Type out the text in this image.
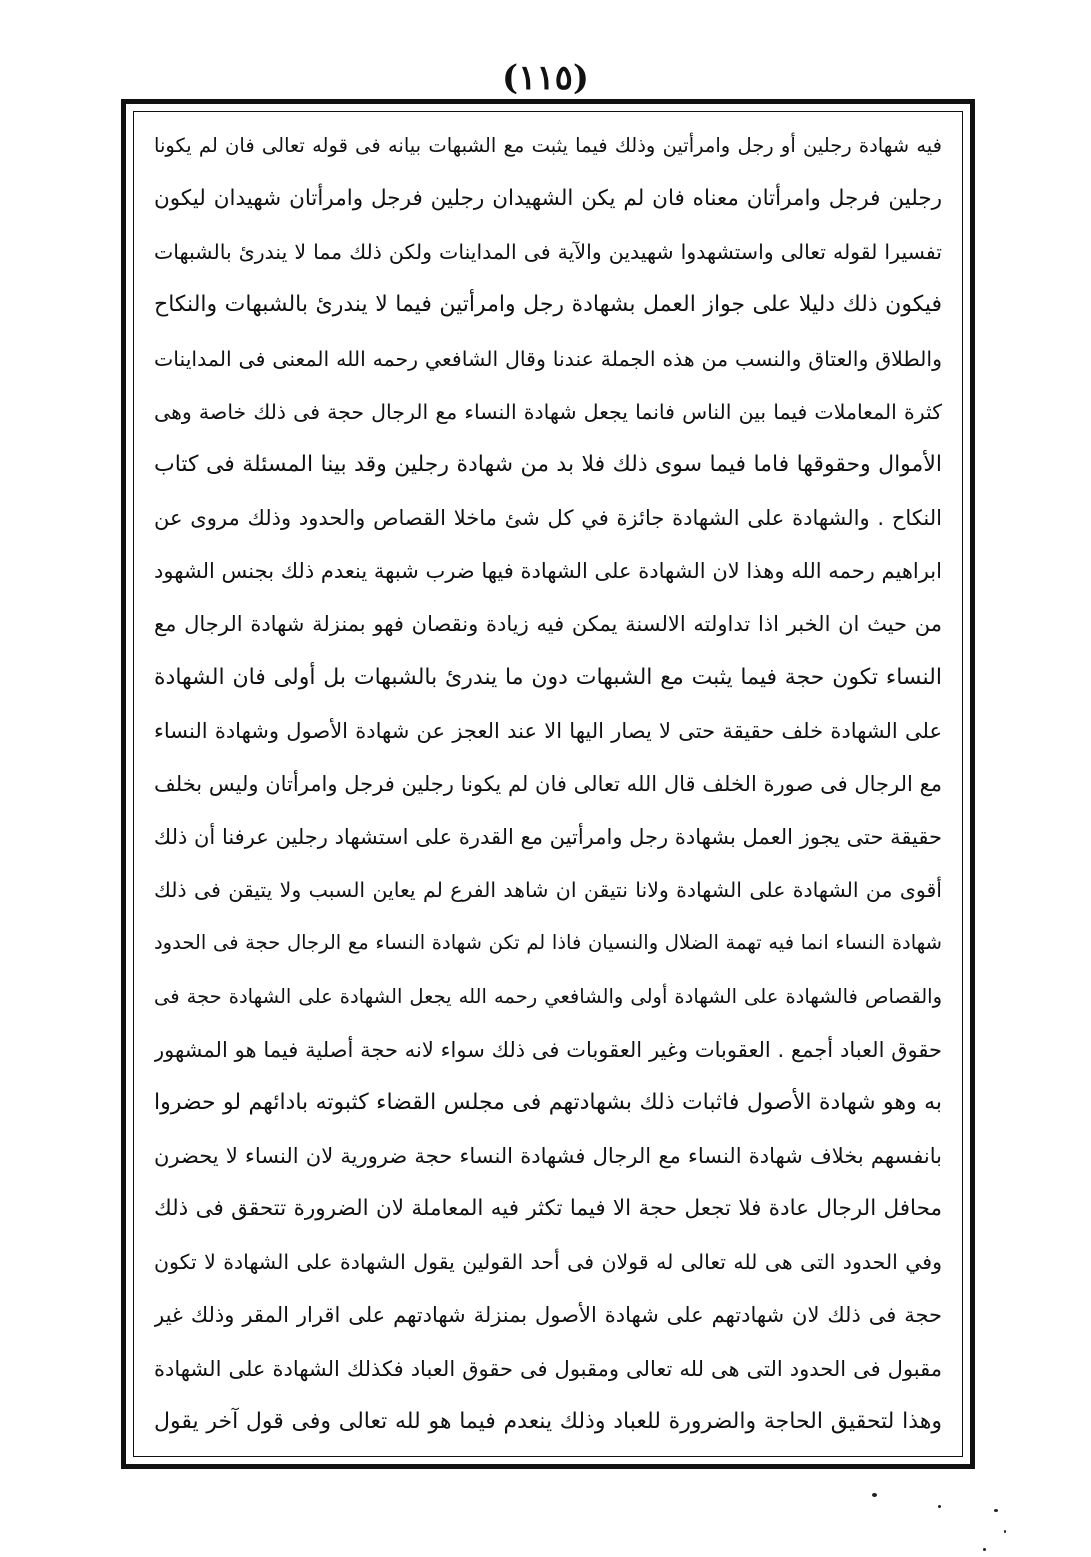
(١١٥)
فيه شهادة رجلين أو رجل وامرأتين وذلك فيما يثبت مع الشبهات بيانه فى قوله تعالى فان لم يكونا
رجلين فرجل وامرأتان معناه فان لم يكن الشهيدان رجلين فرجل وامرأتان شهيدان ليكون
تفسيرا لقوله تعالى واستشهدوا شهيدين والآية فى المداينات ولكن ذلك مما لا يندرئ بالشبهات
فيكون ذلك دليلا على جواز العمل بشهادة رجل وامرأتين فيما لا يندرئ بالشبهات والنكاح
والطلاق والعتاق والنسب من هذه الجملة عندنا وقال الشافعي رحمه الله المعنى فى المداينات
كثرة المعاملات فيما بين الناس فانما يجعل شهادة النساء مع الرجال حجة فى ذلك خاصة وهى
الأموال وحقوقها فاما فيما سوى ذلك فلا بد من شهادة رجلين وقد بينا المسئلة فى كتاب
النكاح . والشهادة على الشهادة جائزة في كل شئ ماخلا القصاص والحدود وذلك مروى عن
ابراهيم رحمه الله وهذا لان الشهادة على الشهادة فيها ضرب شبهة ينعدم ذلك بجنس الشهود
من حيث ان الخبر اذا تداولته الالسنة يمكن فيه زيادة ونقصان فهو بمنزلة شهادة الرجال مع
النساء تكون حجة فيما يثبت مع الشبهات دون ما يندرئ بالشبهات بل أولى فان الشهادة
على الشهادة خلف حقيقة حتى لا يصار اليها الا عند العجز عن شهادة الأصول وشهادة النساء
مع الرجال فى صورة الخلف قال الله تعالى فان لم يكونا رجلين فرجل وامرأتان وليس بخلف
حقيقة حتى يجوز العمل بشهادة رجل وامرأتين مع القدرة على استشهاد رجلين عرفنا أن ذلك
أقوى من الشهادة على الشهادة ولانا نتيقن ان شاهد الفرع لم يعاين السبب ولا يتيقن فى ذلك
شهادة النساء انما فيه تهمة الضلال والنسيان فاذا لم تكن شهادة النساء مع الرجال حجة فى الحدود
والقصاص فالشهادة على الشهادة أولى والشافعي رحمه الله يجعل الشهادة على الشهادة حجة فى
حقوق العباد أجمع . العقوبات وغير العقوبات فى ذلك سواء لانه حجة أصلية فيما هو المشهور
به وهو شهادة الأصول فاثبات ذلك بشهادتهم فى مجلس القضاء كثبوته بادائهم لو حضروا
بانفسهم بخلاف شهادة النساء مع الرجال فشهادة النساء حجة ضرورية لان النساء لا يحضرن
محافل الرجال عادة فلا تجعل حجة الا فيما تكثر فيه المعاملة لان الضرورة تتحقق فى ذلك
وفي الحدود التى هى لله تعالى له قولان فى أحد القولين يقول الشهادة على الشهادة لا تكون
حجة فى ذلك لان شهادتهم على شهادة الأصول بمنزلة شهادتهم على اقرار المقر وذلك غير
مقبول فى الحدود التى هى لله تعالى ومقبول فى حقوق العباد فكذلك الشهادة على الشهادة
وهذا لتحقيق الحاجة والضرورة للعباد وذلك ينعدم فيما هو لله تعالى وفى قول آخر يقول
